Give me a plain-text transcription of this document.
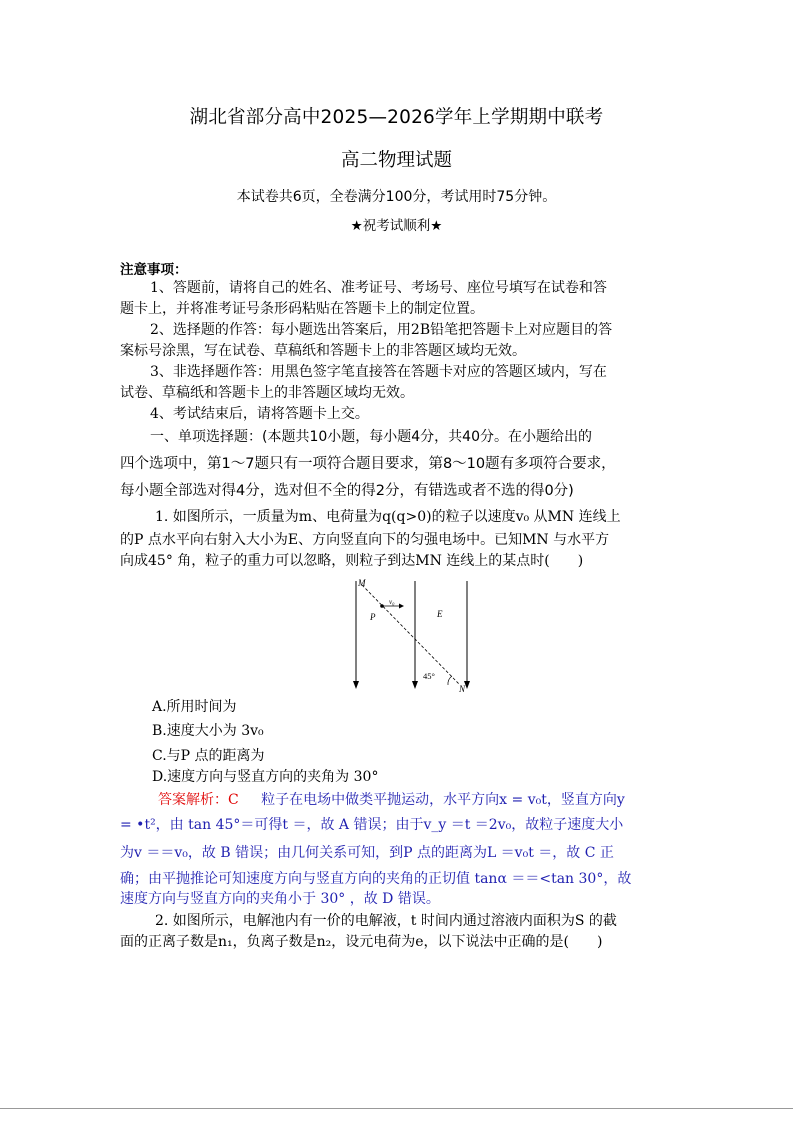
湖北省部分高中2025—2026学年上学期期中联考
高二物理试题
本试卷共6页，全卷满分100分，考试用时75分钟。
★祝考试顺利★
注意事项：
1、答题前，请将自己的姓名、准考证号、考场号、座位号填写在试卷和答
题卡上，并将准考证号条形码粘贴在答题卡上的制定位置。
2、选择题的作答：每小题选出答案后，用2B铅笔把答题卡上对应题目的答
案标号涂黑，写在试卷、草稿纸和答题卡上的非答题区域均无效。
3、非选择题作答：用黑色签字笔直接答在答题卡对应的答题区域内，写在
试卷、草稿纸和答题卡上的非答题区域均无效。
4、考试结束后，请将答题卡上交。
一、单项选择题：(本题共10小题，每小题4分，共40分。在小题给出的
四个选项中，第1～7题只有一项符合题目要求，第8～10题有多项符合要求，
每小题全部选对得4分，选对但不全的得2分，有错选或者不选的得0分)
1. 如图所示，一质量为m、电荷量为q(q>0)的粒子以速度v₀ 从MN 连线上
的P 点水平向右射入大小为E、方向竖直向下的匀强电场中。已知MN 与水平方
向成45° 角，粒子的重力可以忽略，则粒子到达MN 连线上的某点时(　　)
M
N
P	E
v₀
45°
A.所用时间为
B.速度大小为 3v₀
C.与P 点的距离为
D.速度方向与竖直方向的夹角为 30°
答案解析：C 粒子在电场中做类平抛运动，水平方向x = v₀t，竖直方向y
= •t²，由 tan 45°＝可得t ＝，故 A 错误；由于v_y ＝t ＝2v₀，故粒子速度大小
为v ＝＝v₀，故 B 错误；由几何关系可知，到P 点的距离为L ＝v₀t ＝，故 C 正
确；由平抛推论可知速度方向与竖直方向的夹角的正切值 tanα ＝＝<tan 30°，故
速度方向与竖直方向的夹角小于 30° ，故 D 错误。
2. 如图所示，电解池内有一价的电解液，t 时间内通过溶液内面积为S 的截
面的正离子数是n₁，负离子数是n₂，设元电荷为e，以下说法中正确的是(　　)
